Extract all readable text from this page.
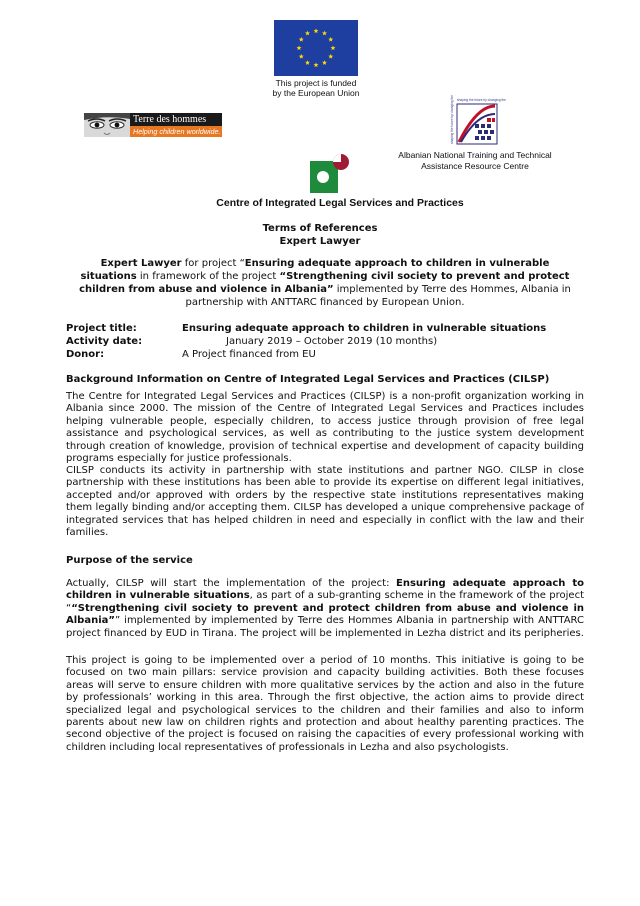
This project is funded
by the European Union
Terre des hommes
Helping children worldwide.	shaping the future by changing the shaping the future by changing the
Albanian National Training and Technical
Assistance Resource Centre
Centre of Integrated Legal Services and Practices
Terms of References
Expert Lawyer
Expert Lawyer for project “Ensuring adequate approach to children in vulnerable situations in framework of the project “Strengthening civil society to prevent and protect children from abuse and violence in Albania” implemented by Terre des Hommes, Albania in partnership with ANTTARC financed by European Union.
Project title:	Ensuring adequate approach to children in vulnerable situations
Activity date:	January 2019 – October 2019 (10 months)
Donor:	A Project financed from EU
Background Information on Centre of Integrated Legal Services and Practices (CILSP)
The Centre for Integrated Legal Services and Practices (CILSP) is a non-profit organization working in Albania since 2000. The mission of the Centre of Integrated Legal Services and Practices includes helping vulnerable people, especially children, to access justice through provision of free legal assistance and psychological services, as well as contributing to the justice system development through creation of knowledge, provision of technical expertise and development of capacity building programs especially for justice professionals.
CILSP conducts its activity in partnership with state institutions and partner NGO. CILSP in close partnership with these institutions has been able to provide its expertise on different legal initiatives, accepted and/or approved with orders by the respective state institutions representatives making them legally binding and/or accepting them. CILSP has developed a unique comprehensive package of integrated services that has helped children in need and especially in conflict with the law and their families.
Purpose of the service
Actually, CILSP will start the implementation of the project: Ensuring adequate approach to children in vulnerable situations, as part of a sub-granting scheme in the framework of the project ““Strengthening civil society to prevent and protect children from abuse and violence in Albania”” implemented by implemented by Terre des Hommes Albania in partnership with ANTTARC project financed by EUD in Tirana. The project will be implemented in Lezha district and its peripheries.
This project is going to be implemented over a period of 10 months. This initiative is going to be focused on two main pillars: service provision and capacity building activities. Both these focuses areas will serve to ensure children with more qualitative services by the action and also in the future by professionals’ working in this area. Through the first objective, the action aims to provide direct specialized legal and psychological services to the children and their families and also to inform parents about new law on children rights and protection and about healthy parenting practices. The second objective of the project is focused on raising the capacities of every professional working with children including local representatives of professionals in Lezha and also psychologists.
